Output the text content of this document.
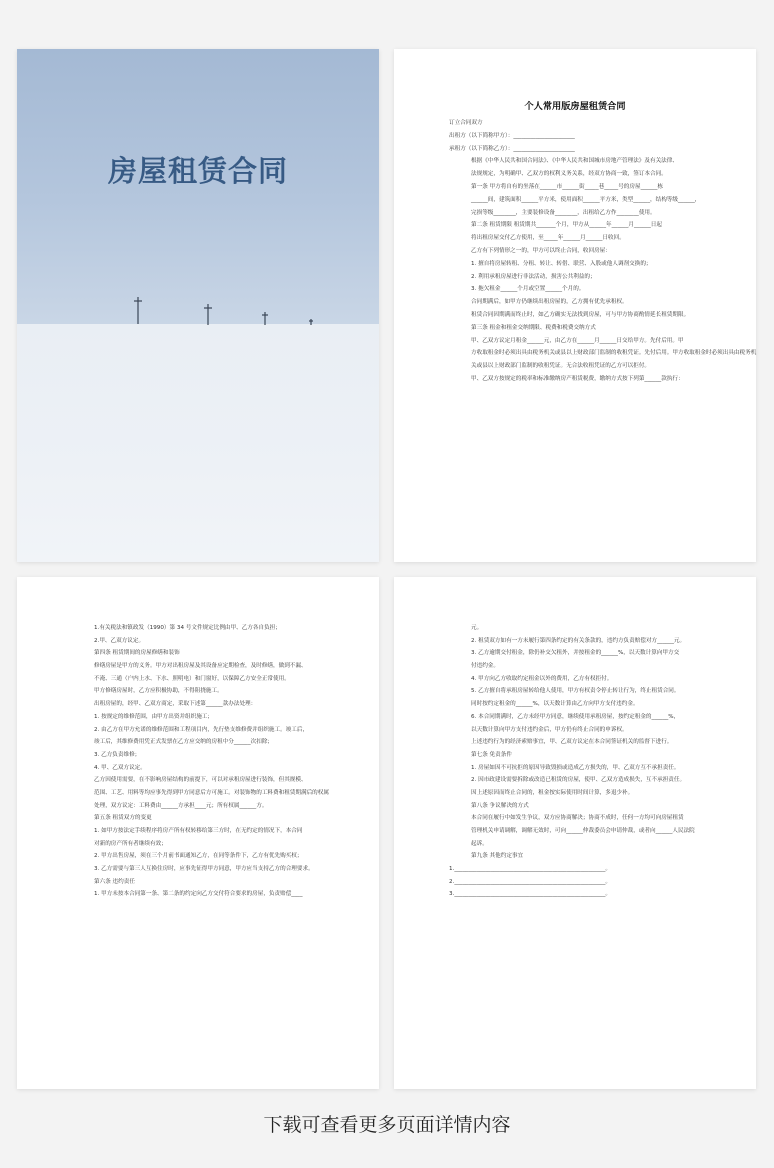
房屋租赁合同
个人常用版房屋租赁合同
订立合同双方
出租方（以下简称甲方）：______________________
承租方（以下简称乙方）：______________________
根据《中华人民共和国合同法》、《中华人民共和国城市房地产管理法》及有关法律、
法规规定，为明确甲、乙双方的权利义务关系，经双方协商一致，签订本合同。
第一条 甲方将自有的坐落在______市______街_____巷_____号的房屋______栋
______间，建筑面积______平方米，使用面积______平方米，类型______，结构等级______，
完损等级________，主要装修设备________，出租给乙方作________使用。
第二条 租赁期限 租赁期共_______个月，甲方从______年______月______日起
将出租房屋交付乙方使用，至_____年______月______日收回。
乙方有下列情形之一的，甲方可以终止合同，收回房屋：
1. 擅自将房屋转租、分租、转让、转借、联营、入股或他人调剂交换的；
2. 利用承租房屋进行非法活动，损害公共利益的；
3. 拖欠租金______个月或空置______个月的。
合同期满后，如甲方仍继续出租房屋的，乙方拥有优先承租权。
租赁合同因期满而终止时，如乙方确实无法找到房屋，可与甲方协商酌情延长租赁期限。
第三条 租金和租金交纳期限、税费和税费交纳方式
甲、乙双方议定月租金______元，由乙方在______月______日交给甲方。先付后用。甲
方收取租金时必须出具由税务机关或县以上财政部门监制的收租凭证。先付后用。甲方收取租金时必须出具由税务机
关或县以上财政部门监制的收租凭证。无合法收租凭证的乙方可以拒付。
甲、乙双方按规定的税率和标准缴纳房产租赁税费，缴纳方式按下列第______款执行：
1.有关税法和镇政发（1990）第 34 号文件规定比例由甲、乙方各自负担；
2.甲、乙双方议定。
第四条 租赁期间的房屋修缮和装饰
修缮房屋是甲方的义务。甲方对出租房屋及其设备应定期检查，及时修缮，做到不漏、
不淹、三通（户内上水、下水、照明电）和门窗好，以保障乙方安全正常使用。
甲方修缮房屋时，乙方应积极协助，不得阻挠施工。
出租房屋的，经甲、乙双方商定，采取下述第______款办法处理：
1. 按规定的维修范围，由甲方出资并组织施工；
2. 由乙方在甲方允诺的维修范围和工程项目内，先行垫支维修费并组织施工。竣工后，
竣工后，其维修费用凭正式发票在乙方应交纳的房租中分______次扣除；
3. 乙方负责维修；
4. 甲、乙双方议定。
乙方因使用需要，在不影响房屋结构的前提下，可以对承租房屋进行装饰，但其规模、
范围、工艺、用料等均应事先得到甲方同意后方可施工。对装饰物的工料费和租赁期满后的权属
处理，双方议定：工料费由______方承担____元；所有权属______方。
第五条 租赁双方的变更
1. 如甲方按法定手续程序将房产所有权转移给第三方时，在无约定的情况下，本合同
对新的房产所有者继续有效；
2. 甲方出售房屋，须在三个月前书面通知乙方，在同等条件下，乙方有优先购买权；
3. 乙方需要与第三人互换住房时，应事先征得甲方同意，甲方应当支持乙方的合理要求。
第六条 违约责任
1. 甲方未按本合同第一条、第二条的约定向乙方交付符合要求的房屋，负责赔偿____
元。
2. 租赁双方如有一方未履行第四条约定的有关条款的，违约方负责赔偿对方______元。
3. 乙方逾期交付租金，除仍补交欠租外，并按租金的______%，以天数计算向甲方交
付违约金。
4. 甲方向乙方收取约定租金以外的费用，乙方有权拒付。
5. 乙方擅自将承租房屋转给他人使用，甲方有权责令停止转让行为，终止租赁合同。
同时按约定租金的______%，以天数计算由乙方向甲方支付违约金。
6. 本合同期满时，乙方未经甲方同意，继续使用承租房屋，按约定租金的______%，
以天数计算向甲方支付违约金后，甲方仍有终止合同的申诉权。
上述违约行为的经济索赔事宜，甲、乙双方议定在本合同签证机关的监督下进行。
第七条 免责条件
1. 房屋如因不可抗拒的原因导致毁损或造成乙方损失的，甲、乙双方互不承担责任。
2. 因市政建设需要拆除或改造已租赁的房屋，使甲、乙双方造成损失，互不承担责任。
因上述原因而终止合同的，租金按实际使用时间计算，多退少补。
第八条 争议解决的方式
本合同在履行中如发生争议，双方应协商解决；协商不成时，任何一方均可向房屋租赁
管理机关申请调解，调解无效时，可向______仲裁委员会申请仲裁，或者向______人民法院
起诉。
第九条 其他约定事宜
1.______________________________________________________。
2.______________________________________________________。
3.______________________________________________________。
下载可查看更多页面详情内容
